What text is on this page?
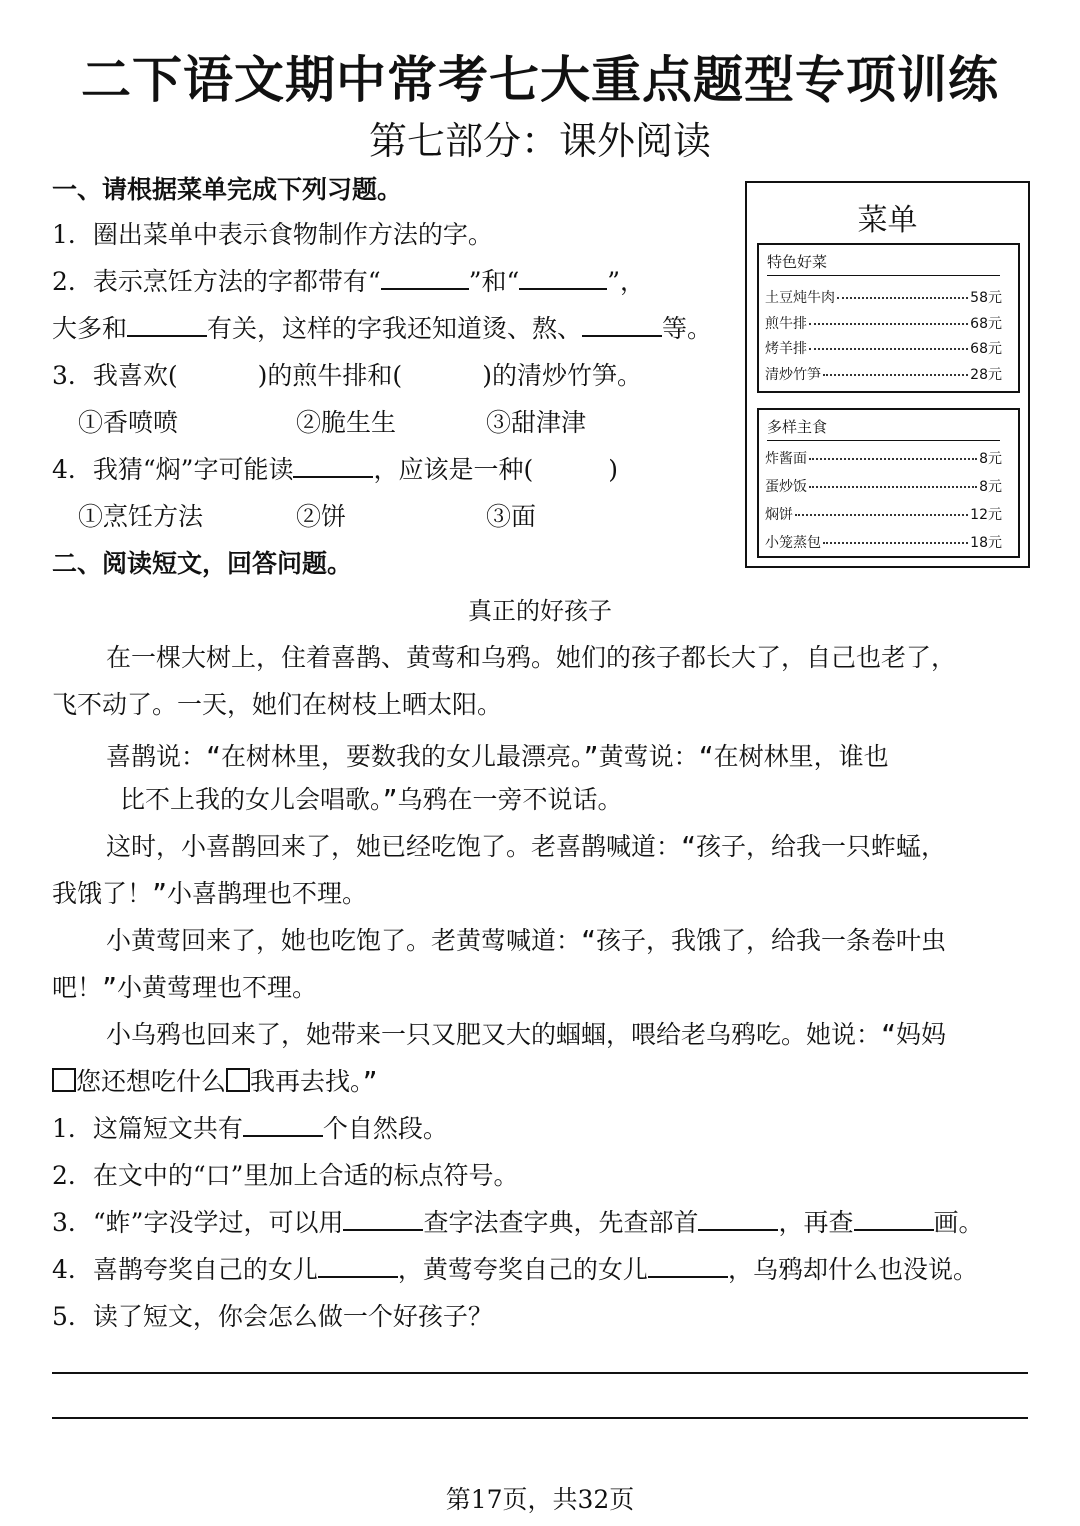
二下语文期中常考七大重点题型专项训练
第七部分：课外阅读
一、请根据菜单完成下列习题。
1．圈出菜单中表示食物制作方法的字。
2．表示烹饪方法的字都带有“	”和“	”，
大多和	有关，这样的字我还知道烫、熬、	等。
3．我喜欢(	)的煎牛排和(	)的清炒竹笋。
①香喷喷	②脆生生	③甜津津
4．我猜“焖”字可能读	，应该是一种(	)
①烹饪方法	②饼	③面
菜单
特色好菜
土豆炖牛肉	58元
煎牛排	68元
烤羊排	68元
清炒竹笋	28元
多样主食
炸酱面	8元
蛋炒饭	8元
焖饼	12元
小笼蒸包	18元
二、阅读短文，回答问题。
真正的好孩子
在一棵大树上，住着喜鹊、黄莺和乌鸦。她们的孩子都长大了，自己也老了，
飞不动了。一天，她们在树枝上晒太阳。
喜鹊说：“在树林里，要数我的女儿最漂亮。”黄莺说：“在树林里，谁也
比不上我的女儿会唱歌。”乌鸦在一旁不说话。
这时，小喜鹊回来了，她已经吃饱了。老喜鹊喊道：“孩子，给我一只蚱蜢，
我饿了！”小喜鹊理也不理。
小黄莺回来了，她也吃饱了。老黄莺喊道：“孩子，我饿了，给我一条卷叶虫
吧！”小黄莺理也不理。
小乌鸦也回来了，她带来一只又肥又大的蝈蝈，喂给老乌鸦吃。她说：“妈妈
您还想吃什么 我再去找。”
1．这篇短文共有	个自然段。
2．在文中的“口”里加上合适的标点符号。
3．“蚱”字没学过，可以用	查字法查字典，先查部首	，再查	画。
4．喜鹊夸奖自己的女儿	，黄莺夸奖自己的女儿	，乌鸦却什么也没说。
5．读了短文，你会怎么做一个好孩子？
第17页，共32页
